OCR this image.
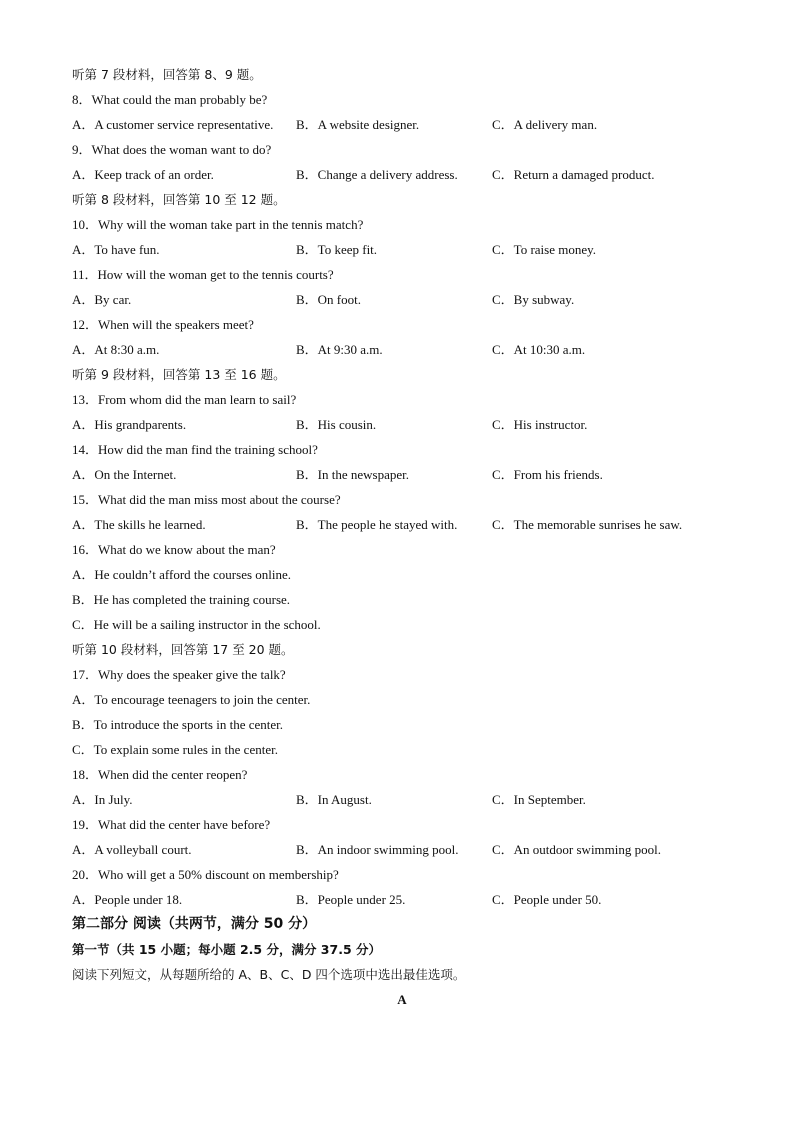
听第 7 段材料，回答第 8、9 题。
8．What could the man probably be?
A．A customer service representative. B．A website designer.	C．A delivery man.
9．What does the woman want to do?
A．Keep track of an order.	B．Change a delivery address.	C．Return a damaged product.
听第 8 段材料，回答第 10 至 12 题。
10．Why will the woman take part in the tennis match?
A．To have fun.	B．To keep fit.	C．To raise money.
11．How will the woman get to the tennis courts?
A．By car.	B．On foot.	C．By subway.
12．When will the speakers meet?
A．At 8:30 a.m.	B．At 9:30 a.m.	C．At 10:30 a.m.
听第 9 段材料，回答第 13 至 16 题。
13．From whom did the man learn to sail?
A．His grandparents.	B．His cousin.	C．His instructor.
14．How did the man find the training school?
A．On the Internet.	B．In the newspaper.	C．From his friends.
15．What did the man miss most about the course?
A．The skills he learned.	B．The people he stayed with.	C．The memorable sunrises he saw.
16．What do we know about the man?
A．He couldn’t afford the courses online.
B．He has completed the training course.
C．He will be a sailing instructor in the school.
听第 10 段材料，回答第 17 至 20 题。
17．Why does the speaker give the talk?
A．To encourage teenagers to join the center.
B．To introduce the sports in the center.
C．To explain some rules in the center.
18．When did the center reopen?
A．In July.	B．In August.	C．In September.
19．What did the center have before?
A．A volleyball court.	B．An indoor swimming pool.	C．An outdoor swimming pool.
20．Who will get a 50% discount on membership?
A．People under 18.	B．People under 25.	C．People under 50.
第二部分 阅读（共两节，满分 50 分）
第一节（共 15 小题；每小题 2.5 分，满分 37.5 分）
阅读下列短文，从每题所给的 A、B、C、D 四个选项中选出最佳选项。
A
